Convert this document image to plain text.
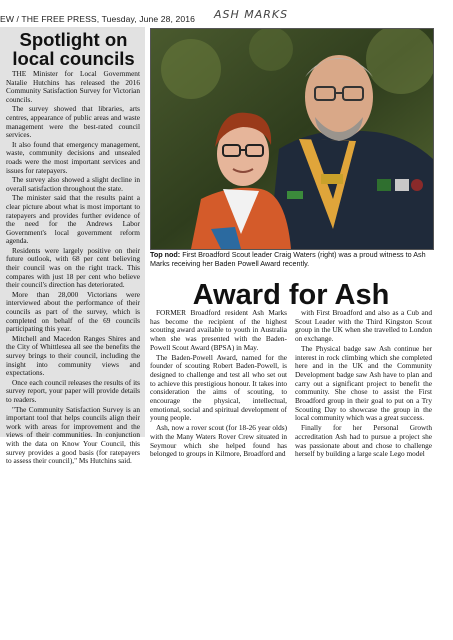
EW / THE FREE PRESS, Tuesday, June 28, 2016 ASH MARKS
Spotlight on
local councils

THE Minister for Local Government Natalie Hutchins has released the 2016 Community Satisfaction Survey for Victorian councils.

The survey showed that libraries, arts centres, appearance of public areas and waste management were the best-rated council services.

It also found that emergency management, waste, community decisions and unsealed roads were the most important services and issues for ratepayers.

The survey also showed a slight decline in overall satisfaction throughout the state.

The minister said that the results paint a clear picture about what is most important to ratepayers and provides further evidence of the need for the Andrews Labor Government's local government reform agenda.

Residents were largely positive on their future outlook, with 68 per cent believing their council was on the right track. This compares with just 18 per cent who believe their council's direction has deteriorated.

More than 28,000 Victorians were interviewed about the performance of their councils as part of the survey, which is completed on behalf of the 69 councils participating this year.

Mitchell and Macedon Ranges Shires and the City of Whittlesea all see the benefits the survey brings to their council, including the insight into community views and expectations.

Once each council releases the results of its survey report, your paper will provide details to readers.

"The Community Satisfaction Survey is an important tool that helps councils align their work with areas for improvement and the views of their communities. In conjunction with the data on Know Your Council, this survey provides a good basis (for ratepayers to assess their council)," Ms Hutchins said.

Top nod: First Broadford Scout leader Craig Waters (right) was a proud witness to Ash Marks receiving her Baden Powell Award recently.
Award for Ash

FORMER Broadford resident Ash Marks has become the recipient of the highest scouting award available to youth in Australia when she was presented with the Baden-Powell Scout Award (BPSA) in May.

The Baden-Powell Award, named for the founder of scouting Robert Baden-Powell, is designed to challenge and test all who set out to achieve this prestigious honour. It takes into consideration the aims of scouting, to encourage the physical, intellectual, emotional, social and spiritual development of young people.

Ash, now a rover scout (for 18-26 year olds) with the Many Waters Rover Crew situated in Seymour which she helped found has belonged to groups in Kilmore, Broadford and

with First Broadford and also as a Cub and Scout Leader with the Third Kingston Scout group in the UK when she travelled to London on exchange.

The Physical badge saw Ash continue her interest in rock climbing which she completed here and in the UK and the Community Development badge saw Ash have to plan and carry out a significant project to benefit the community. She chose to assist the First Broadford group in their goal to put on a Try Scouting Day to showcase the group in the local community which was a great success.

Finally for her Personal Growth accreditation Ash had to pursue a project she was passionate about and chose to challenge herself by building a large scale Lego model
